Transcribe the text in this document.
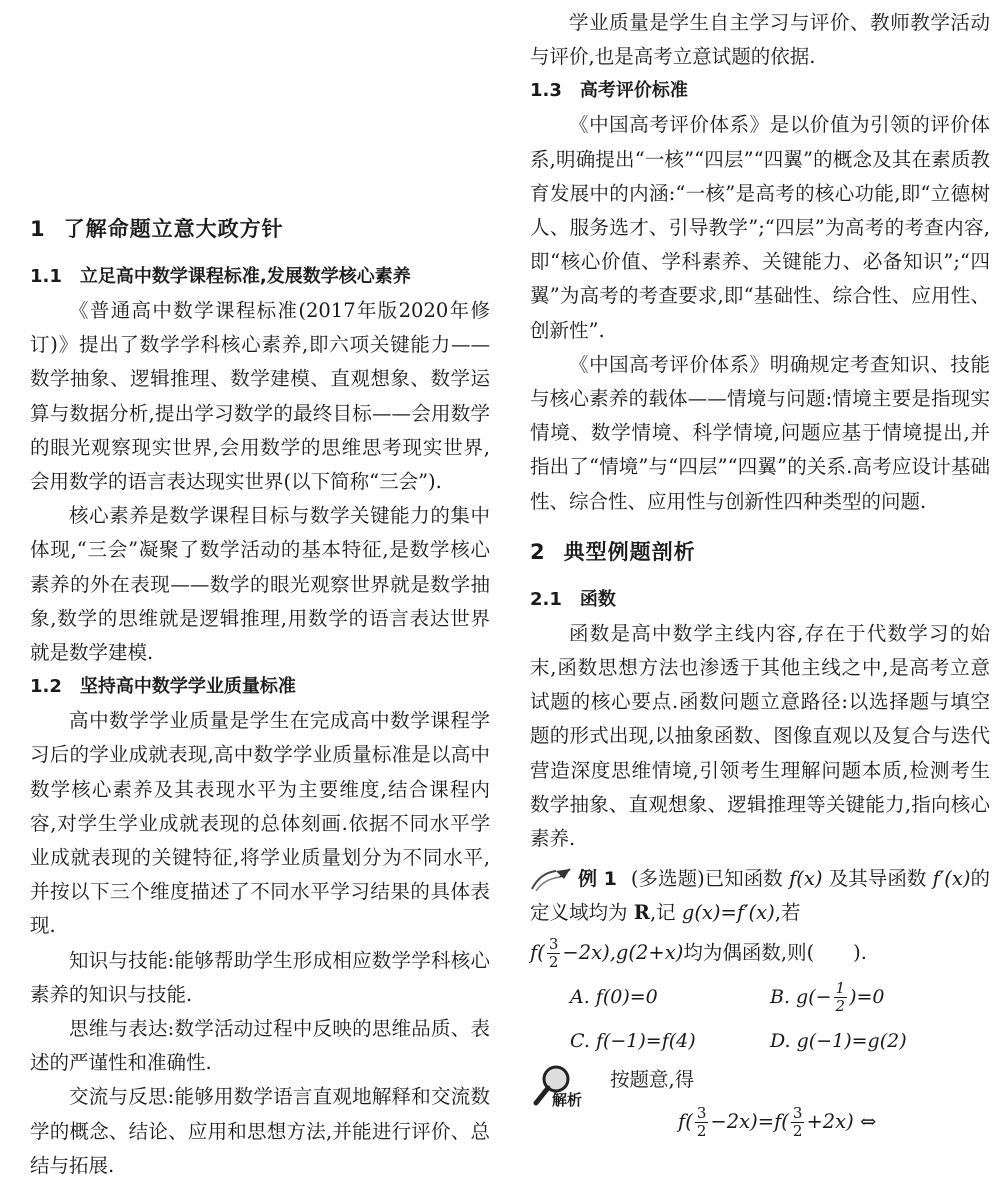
1 了解命题立意大政方针
1.1 立足高中数学课程标准,发展数学核心素养

《普通高中数学课程标准(2017年版2020年修订)》提出了数学学科核心素养,即六项关键能力——数学抽象、逻辑推理、数学建模、直观想象、数学运算与数据分析,提出学习数学的最终目标——会用数学的眼光观察现实世界,会用数学的思维思考现实世界,会用数学的语言表达现实世界(以下简称“三会”).

核心素养是数学课程目标与数学关键能力的集中体现,“三会”凝聚了数学活动的基本特征,是数学核心素养的外在表现——数学的眼光观察世界就是数学抽象,数学的思维就是逻辑推理,用数学的语言表达世界就是数学建模.

1.2 坚持高中数学学业质量标准

高中数学学业质量是学生在完成高中数学课程学习后的学业成就表现,高中数学学业质量标准是以高中数学核心素养及其表现水平为主要维度,结合课程内容,对学生学业成就表现的总体刻画.依据不同水平学业成就表现的关键特征,将学业质量划分为不同水平,并按以下三个维度描述了不同水平学习结果的具体表现.

知识与技能:能够帮助学生形成相应数学学科核心素养的知识与技能.

思维与表达:数学活动过程中反映的思维品质、表述的严谨性和准确性.

交流与反思:能够用数学语言直观地解释和交流数学的概念、结论、应用和思想方法,并能进行评价、总结与拓展.

学业质量是学生自主学习与评价、教师教学活动与评价,也是高考立意试题的依据.

1.3 高考评价标准

《中国高考评价体系》是以价值为引领的评价体系,明确提出“一核”“四层”“四翼”的概念及其在素质教育发展中的内涵:“一核”是高考的核心功能,即“立德树人、服务选才、引导教学”;“四层”为高考的考查内容,即“核心价值、学科素养、关键能力、必备知识”;“四翼”为高考的考查要求,即“基础性、综合性、应用性、创新性”.

《中国高考评价体系》明确规定考查知识、技能与核心素养的载体——情境与问题:情境主要是指现实情境、数学情境、科学情境,问题应基于情境提出,并指出了“情境”与“四层”“四翼”的关系.高考应设计基础性、综合性、应用性与创新性四种类型的问题.

2 典型例题剖析
2.1 函数

函数是高中数学主线内容,存在于代数学习的始末,函数思想方法也渗透于其他主线之中,是高考立意试题的核心要点.函数问题立意路径:以选择题与填空题的形式出现,以抽象函数、图像直观以及复合与迭代营造深度思维情境,引领考生理解问题本质,检测考生数学抽象、直观想象、逻辑推理等关键能力,指向核心素养.

例 1 (多选题)已知函数 f(x) 及其导函数 f′(x)的定义域均为 R,记 g(x)=f′(x),若

$f( \frac{3}{2} -2x),g(2+x)$均为偶函数,则(　　).

A. f(0)=0	B. $g(- \frac{1}{2} )=0$
C. f(−1)=f(4)	D. g(−1)=g(2)
解析
按题意,得
$f( \frac{3}{2} -2x)=f( \frac{3}{2} +2x)$ ⇔
